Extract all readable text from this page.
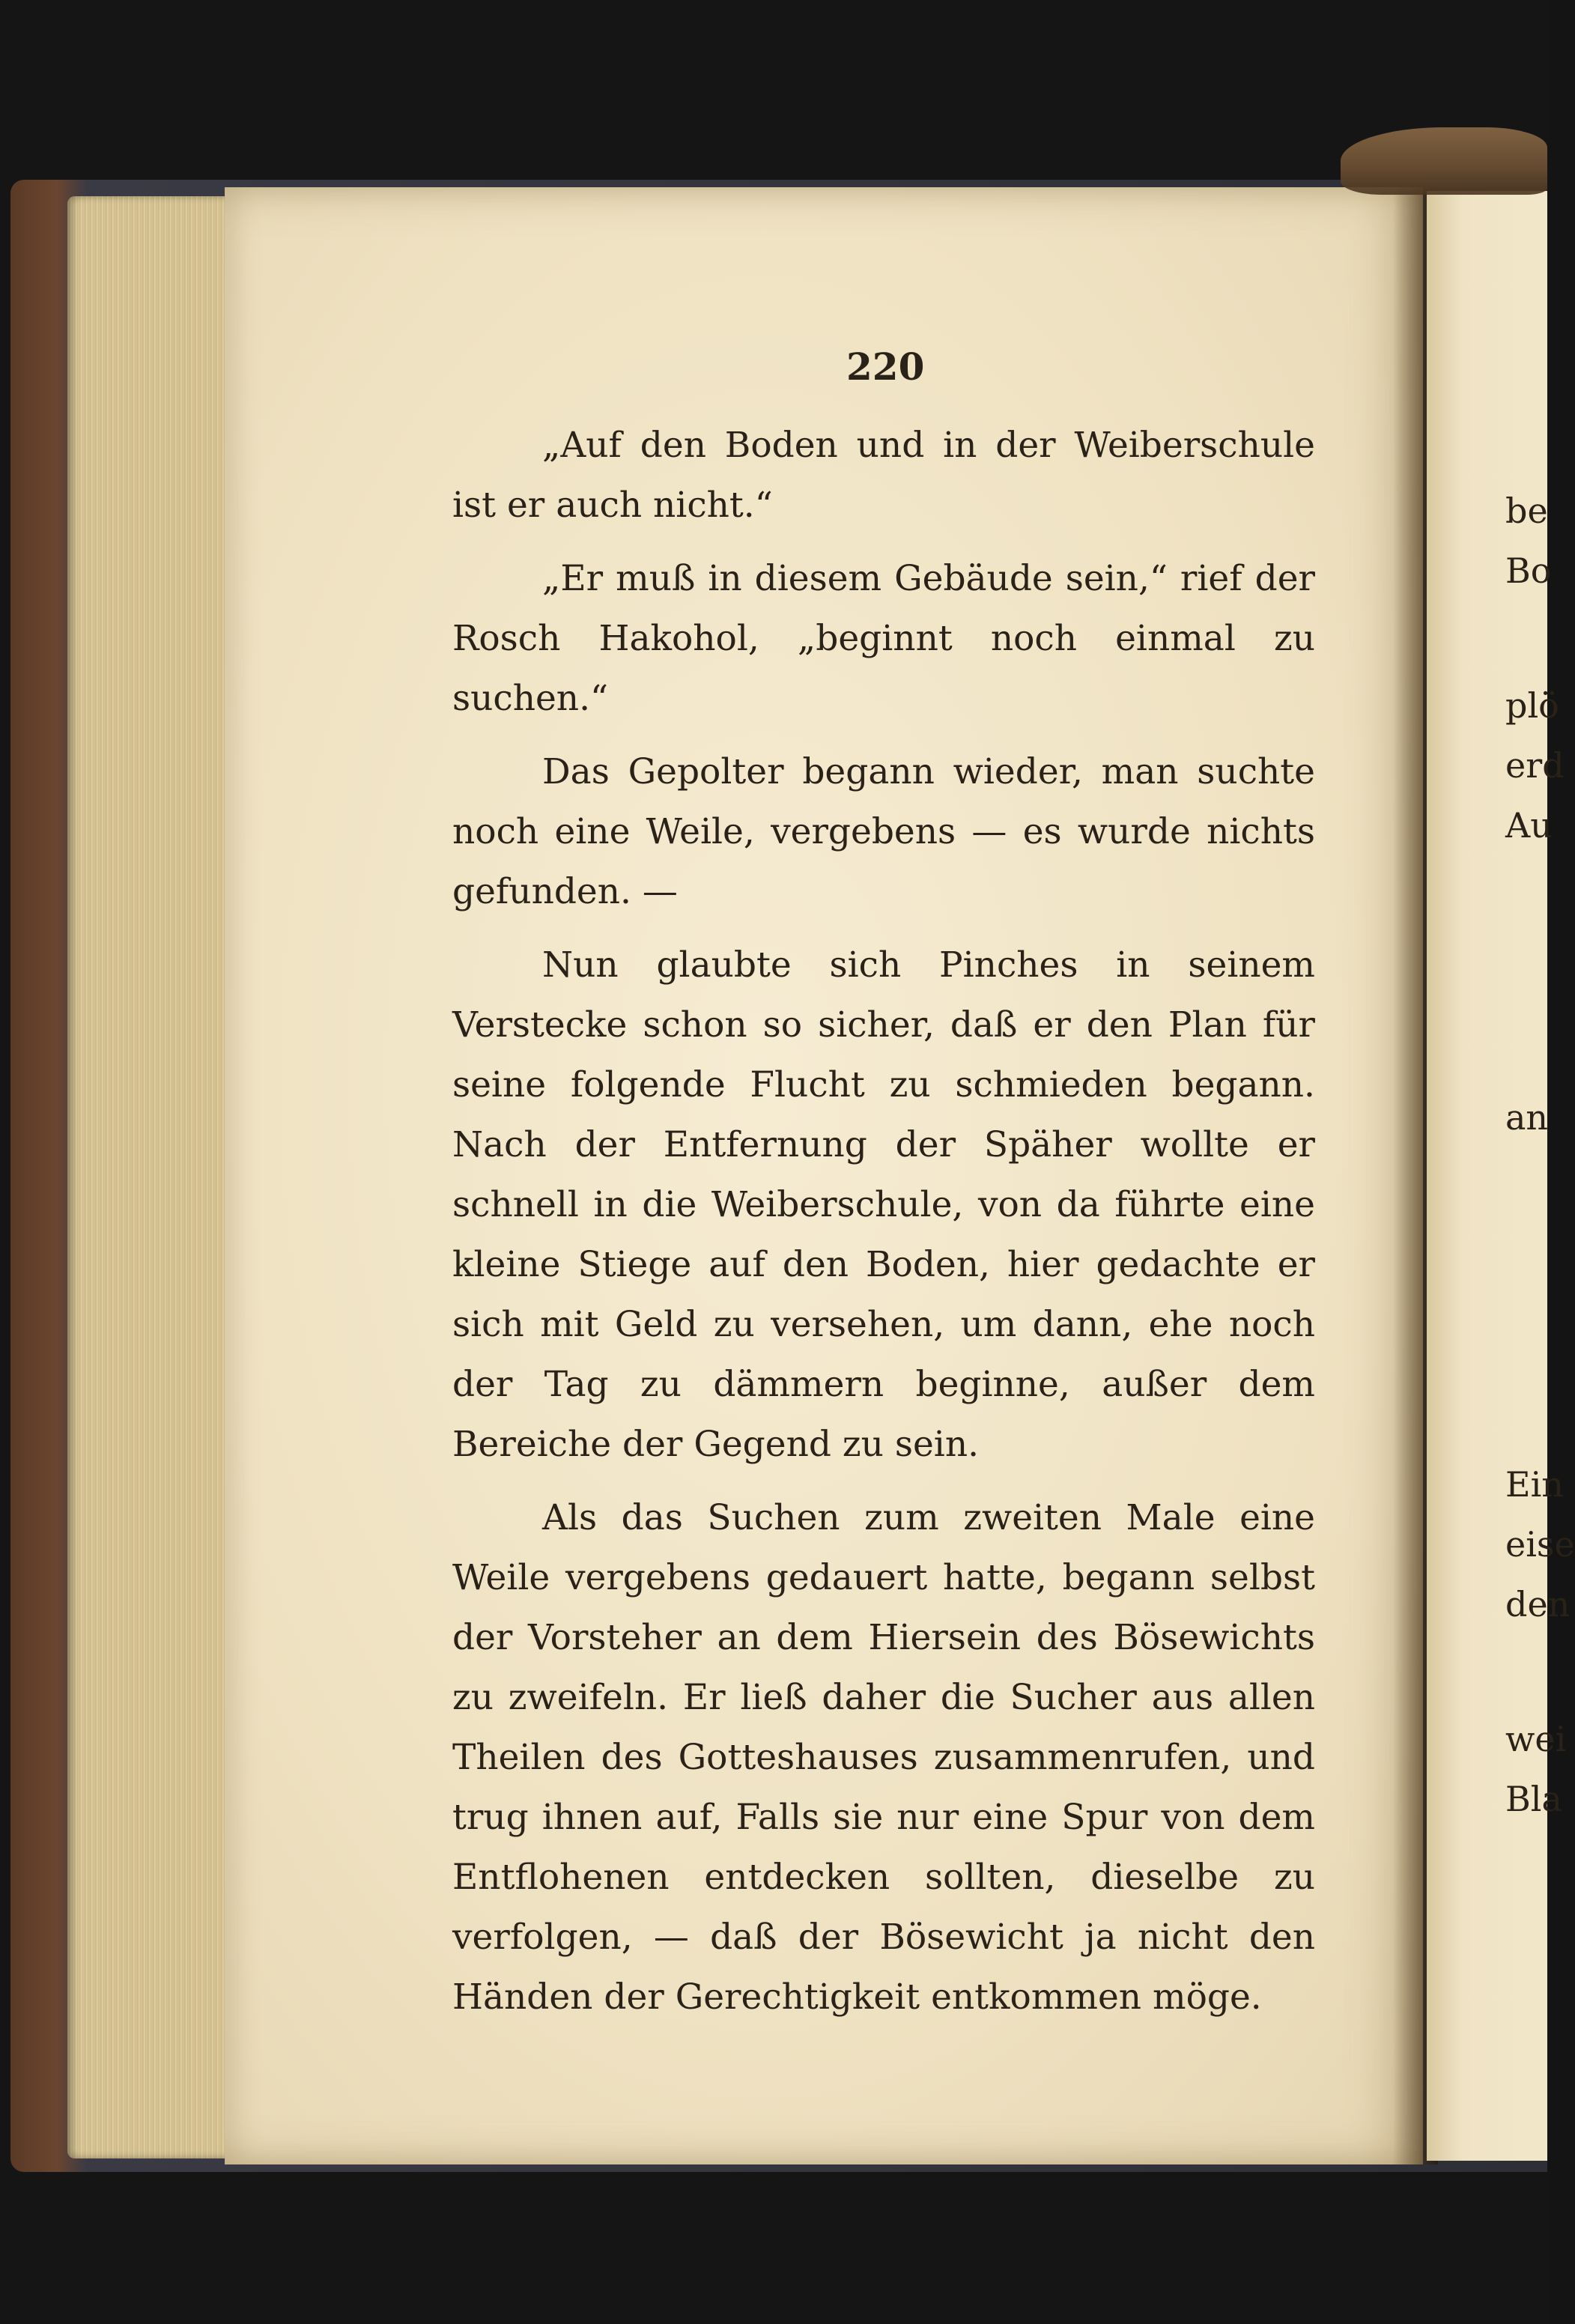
220

„Auf den Boden und in der Weiberschule ist er auch nicht.“

„Er muß in diesem Gebäude sein,“ rief der Rosch Hakohol, „beginnt noch einmal zu suchen.“

Das Gepolter begann wieder, man suchte noch eine Weile, vergebens — es wurde nichts gefunden. —

Nun glaubte sich Pinches in seinem Verstecke schon so sicher, daß er den Plan für seine folgende Flucht zu schmieden begann. Nach der Entfernung der Späher wollte er schnell in die Weiberschule, von da führte eine kleine Stiege auf den Boden, hier gedachte er sich mit Geld zu versehen, um dann, ehe noch der Tag zu dämmern beginne, außer dem Bereiche der Gegend zu sein.

Als das Suchen zum zweiten Male eine Weile vergebens gedauert hatte, begann selbst der Vorsteher an dem Hiersein des Bösewichts zu zweifeln. Er ließ daher die Sucher aus allen Theilen des Gotteshauses zusammenrufen, und trug ihnen auf, Falls sie nur eine Spur von dem Entflohenen entdecken sollten, dieselbe zu verfolgen, — daß der Bösewicht ja nicht den Händen der Gerechtigkeit entkommen möge.

be
Bo
plö
erd
Au
an
Ein
eise
den
wei
Bla
